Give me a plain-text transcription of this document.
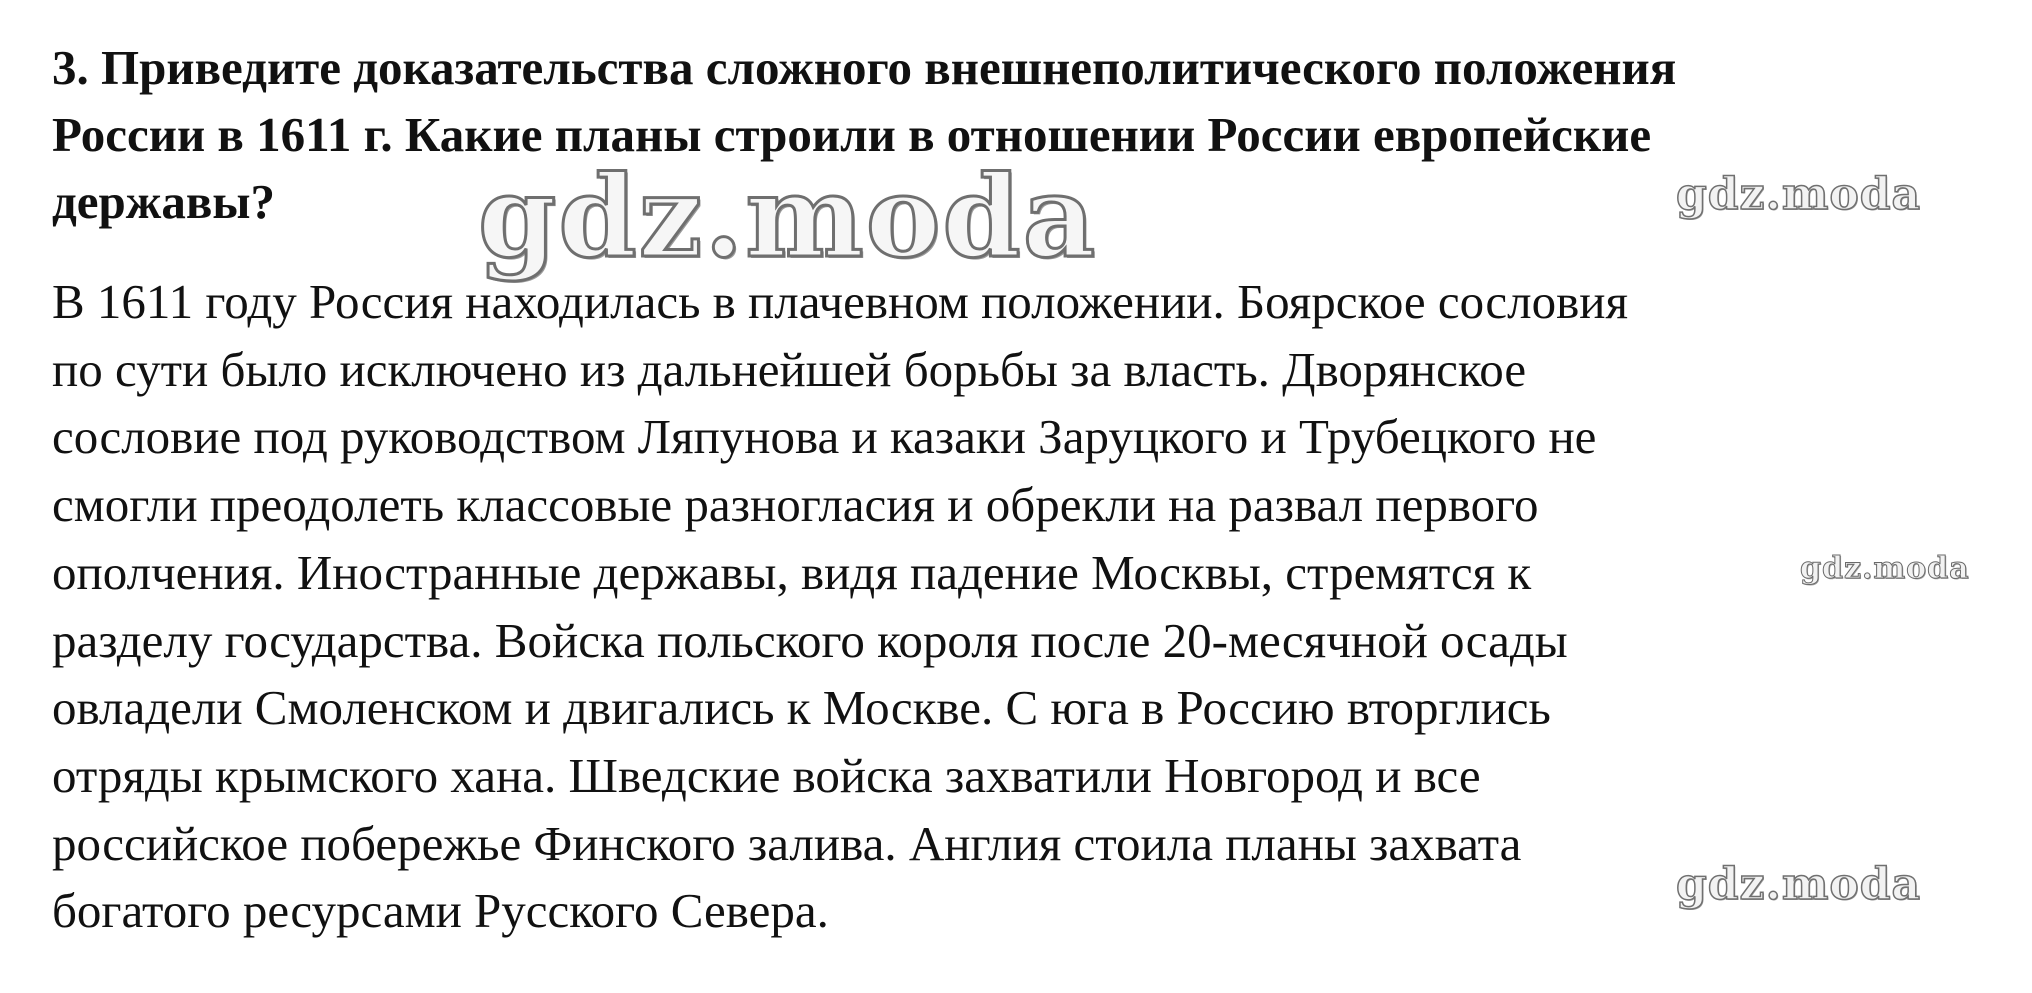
gdz.moda	gdz.moda
gdz.moda
gdz.moda
3. Приведите доказательства сложного внешнеполитического положения
России в 1611 г. Какие планы строили в отношении России европейские
державы?

В 1611 году Россия находилась в плачевном положении. Боярское сословия
по сути было исключено из дальнейшей борьбы за власть. Дворянское
сословие под руководством Ляпунова и казаки Заруцкого и Трубецкого не
смогли преодолеть классовые разногласия и обрекли на развал первого
ополчения. Иностранные державы, видя падение Москвы, стремятся к
разделу государства. Войска польского короля после 20-месячной осады
овладели Смоленском и двигались к Москве. С юга в Россию вторглись
отряды крымского хана. Шведские войска захватили Новгород и все
российское побережье Финского залива. Англия стоила планы захвата
богатого ресурсами Русского Севера.
